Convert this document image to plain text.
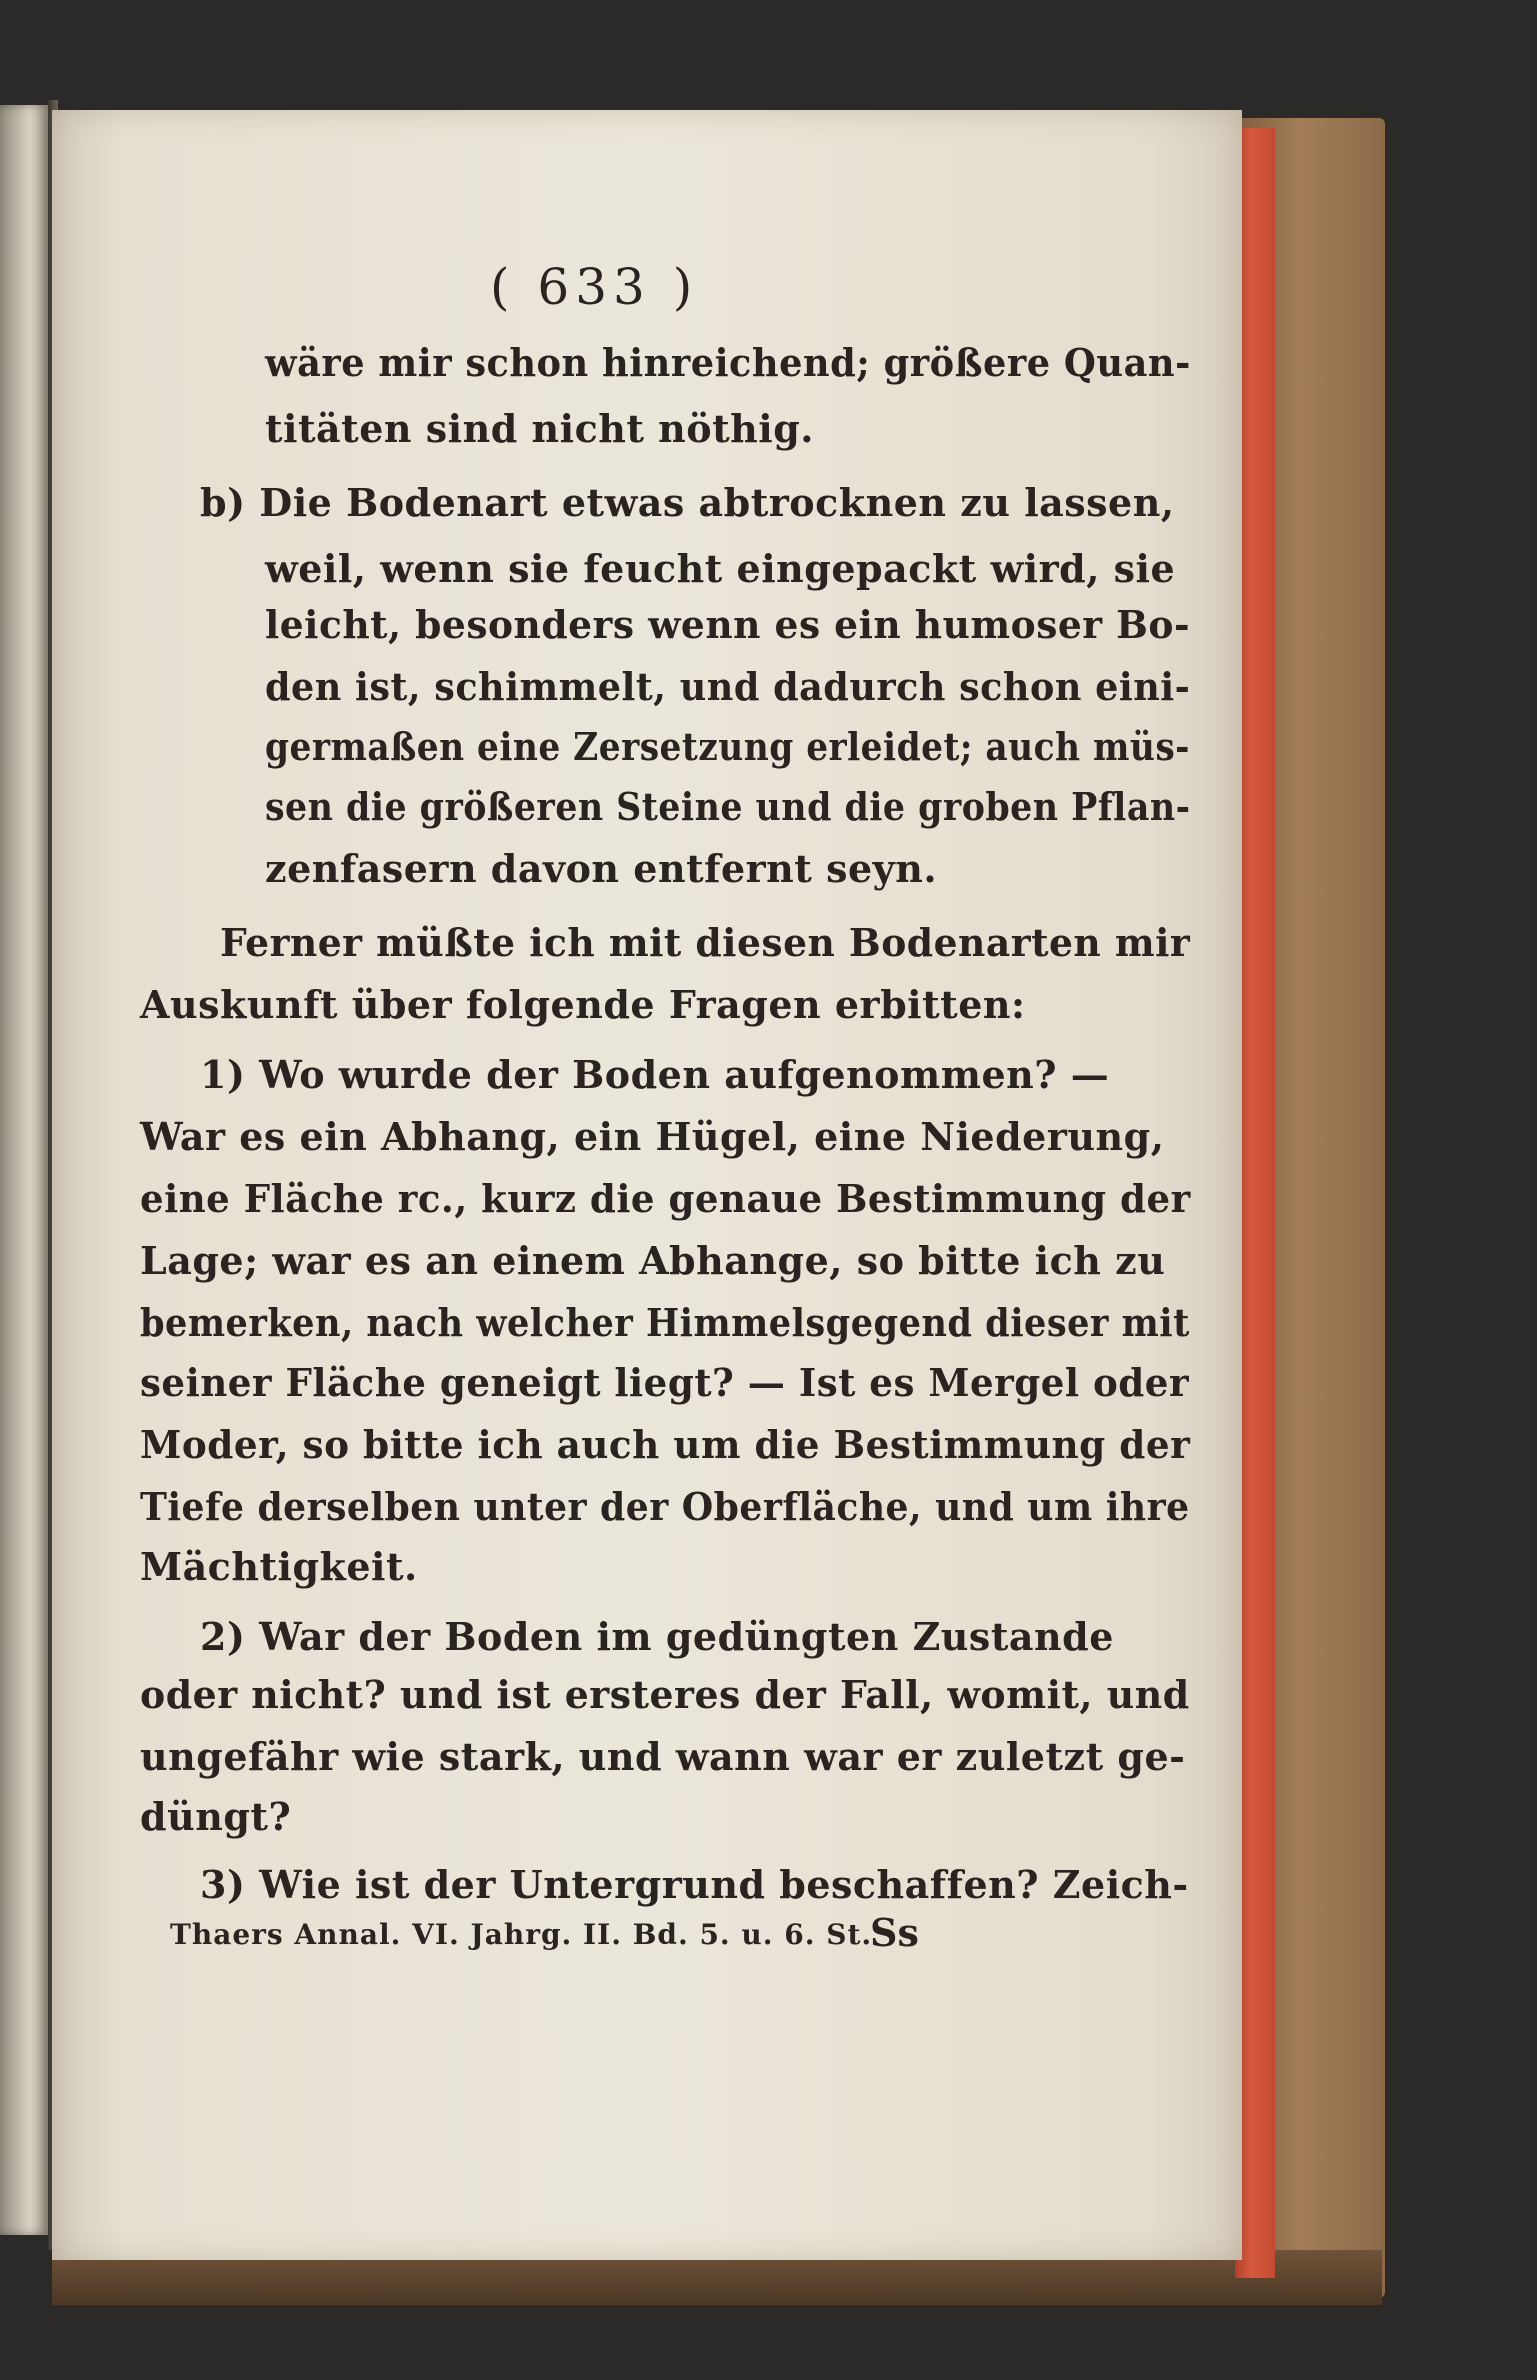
( 633 )
wäre mir schon hinreichend; größere Quan-
titäten sind nicht nöthig.
b) Die Bodenart etwas abtrocknen zu lassen,
weil, wenn sie feucht eingepackt wird, sie
leicht, besonders wenn es ein humoser Bo-
den ist, schimmelt, und dadurch schon eini-
germaßen eine Zersetzung erleidet; auch müs-
sen die größeren Steine und die groben Pflan-
zenfasern davon entfernt seyn.
Ferner müßte ich mit diesen Bodenarten mir
Auskunft über folgende Fragen erbitten:
1) Wo wurde der Boden aufgenommen? —
War es ein Abhang, ein Hügel, eine Niederung,
eine Fläche rc., kurz die genaue Bestimmung der
Lage; war es an einem Abhange, so bitte ich zu
bemerken, nach welcher Himmelsgegend dieser mit
seiner Fläche geneigt liegt? — Ist es Mergel oder
Moder, so bitte ich auch um die Bestimmung der
Tiefe derselben unter der Oberfläche, und um ihre
Mächtigkeit.
2) War der Boden im gedüngten Zustande
oder nicht? und ist ersteres der Fall, womit, und
ungefähr wie stark, und wann war er zuletzt ge-
düngt?
3) Wie ist der Untergrund beschaffen? Zeich-
Thaers Annal. VI. Jahrg. II. Bd. 5. u. 6. St.
Ss
